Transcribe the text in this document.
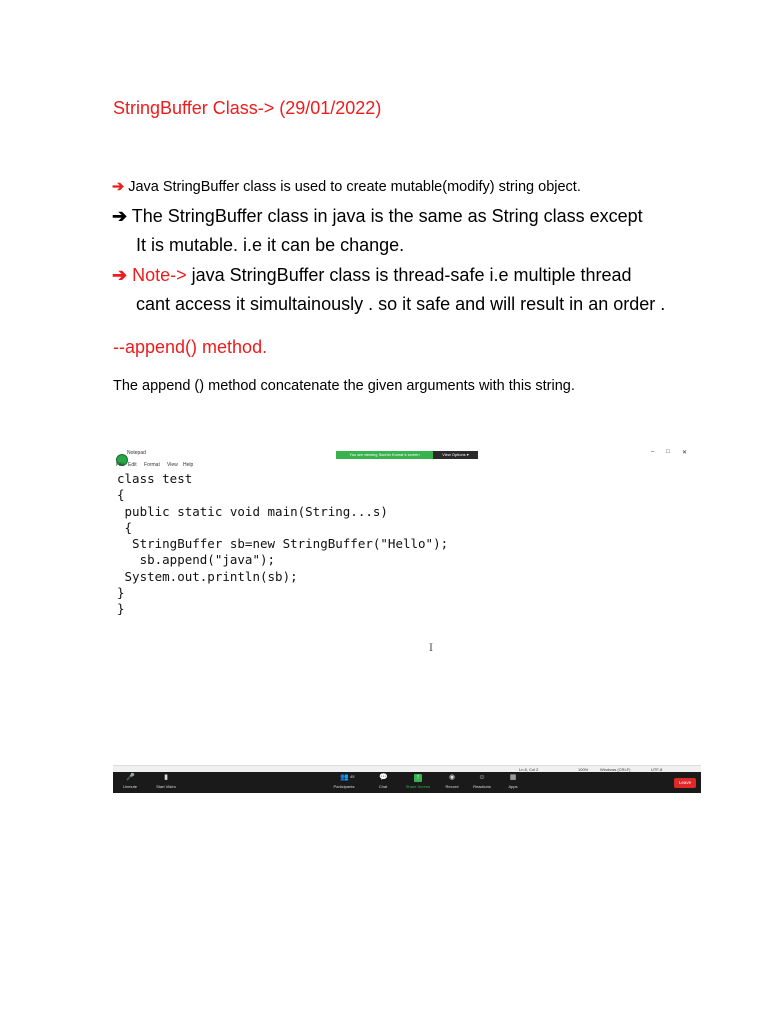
StringBuffer Class-> (29/01/2022)
➔ Java StringBuffer class is used to create mutable(modify) string object.
➔ The StringBuffer class in java is the same as String class except
It is mutable. i.e it can be change.
➔ Note-> java StringBuffer class is thread-safe i.e multiple thread
cant access it simultainously . so it safe and will result in an order .
--append() method.
The append () method concatenate the given arguments with this string.
Notepad	You are viewing Sachin Kumar's screen	View Options ▾	– □ ✕
File Edit Format View Help
class test
{
public static void main(String...s)
{
StringBuffer sb=new StringBuffer("Hello");
sb.append("java");
System.out.println(sb);
}
}
I
Ln 8, Col 2	100%	Windows (CRLF)	UTF-8
🎤
Unmute
▮
Start Video
👥
Participants
45	💬
Chat
↑
Share Screen
◉
Record
☺
Reactions
▦
Apps
Leave
